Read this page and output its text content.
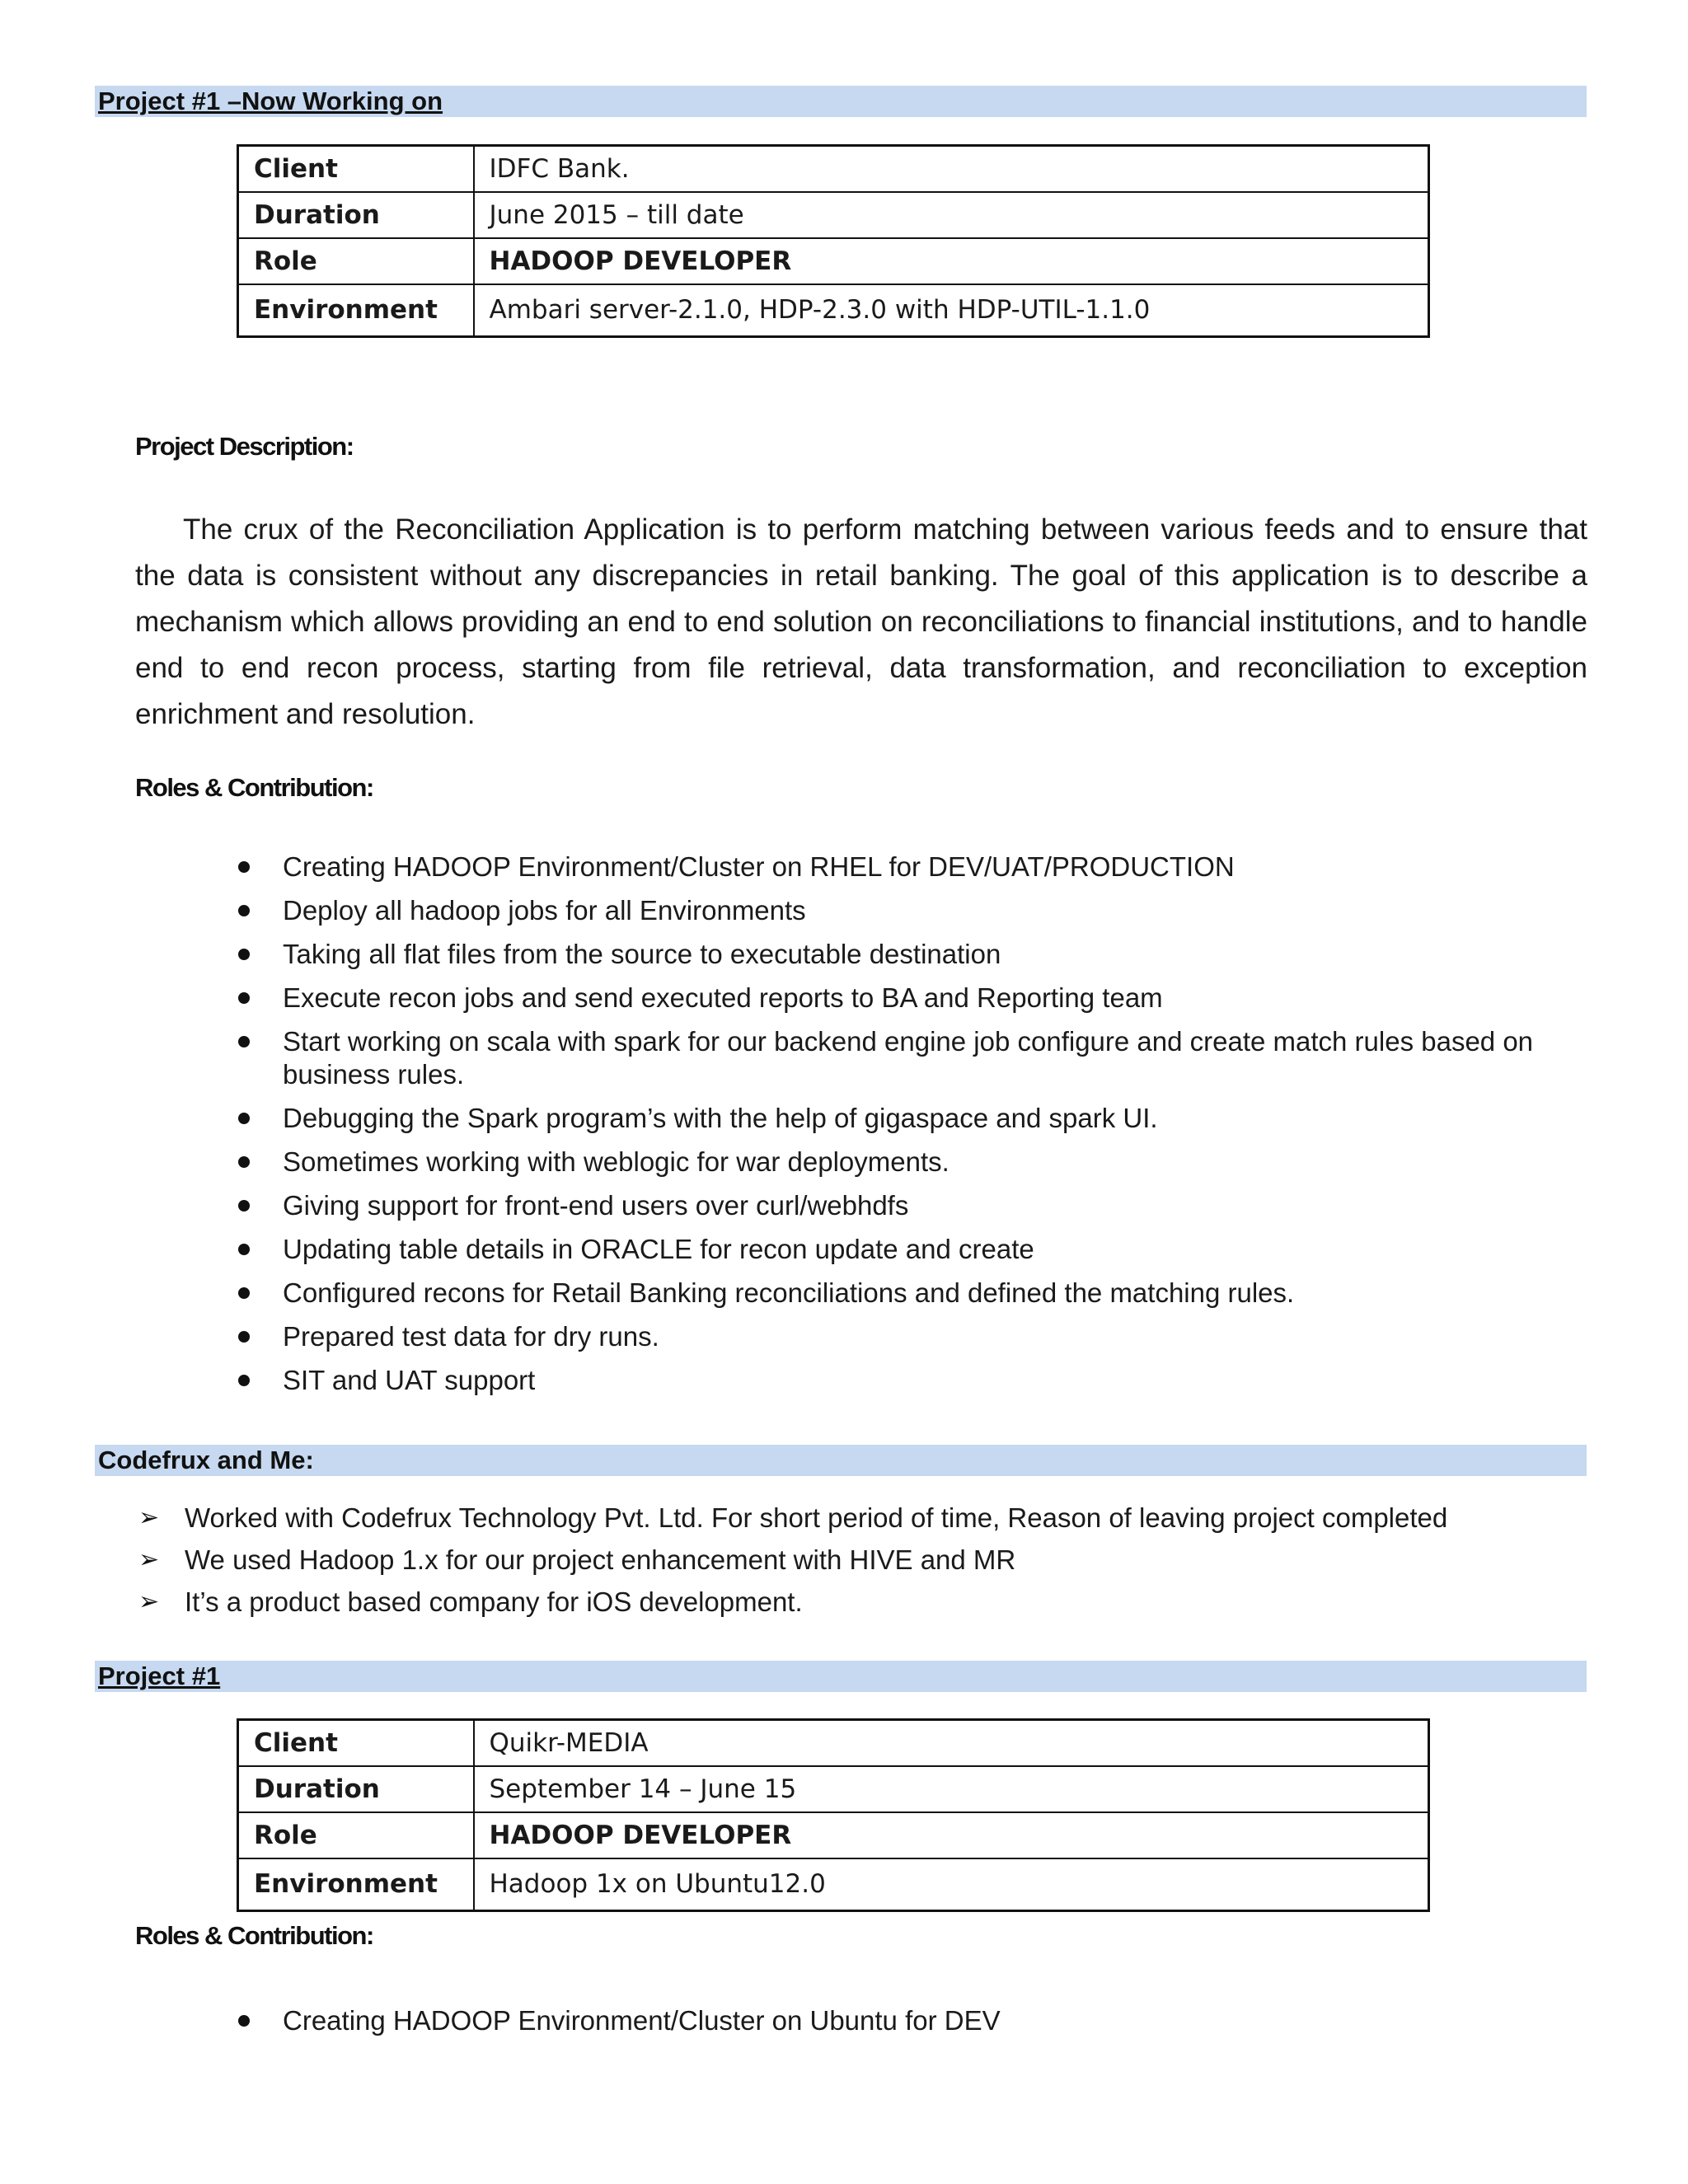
Project #1 –Now Working on
Client	IDFC Bank.
Duration	June 2015 – till date
Role	HADOOP DEVELOPER
Environment	Ambari server-2.1.0, HDP-2.3.0 with HDP-UTIL-1.1.0
Project Description:
The crux of the Reconciliation Application is to perform matching between various feeds and to ensure that the data is consistent without any discrepancies in retail banking. The goal of this application is to describe a mechanism which allows providing an end to end solution on reconciliations to financial institutions, and to handle end to end recon process, starting from file retrieval, data transformation, and reconciliation to exception enrichment and resolution.
Roles & Contribution:
Creating HADOOP Environment/Cluster on RHEL for DEV/UAT/PRODUCTION
Deploy all hadoop jobs for all Environments
Taking all flat files from the source to executable destination
Execute recon jobs and send executed reports to BA and Reporting team
Start working on scala with spark for our backend engine job configure and create match rules based on business rules.
Debugging the Spark program’s with the help of gigaspace and spark UI.
Sometimes working with weblogic for war deployments.
Giving support for front-end users over curl/webhdfs
Updating table details in ORACLE for recon update and create
Configured recons for Retail Banking reconciliations and defined the matching rules.
Prepared test data for dry runs.
SIT and UAT support
Codefrux and Me:
➢ Worked with Codefrux Technology Pvt. Ltd. For short period of time, Reason of leaving project completed
➢ We used Hadoop 1.x for our project enhancement with HIVE and MR
➢ It’s a product based company for iOS development.
Project #1
Client	Quikr-MEDIA
Duration	September 14 – June 15
Role	HADOOP DEVELOPER
Environment	Hadoop 1x on Ubuntu12.0
Roles & Contribution:
Creating HADOOP Environment/Cluster on Ubuntu for DEV
